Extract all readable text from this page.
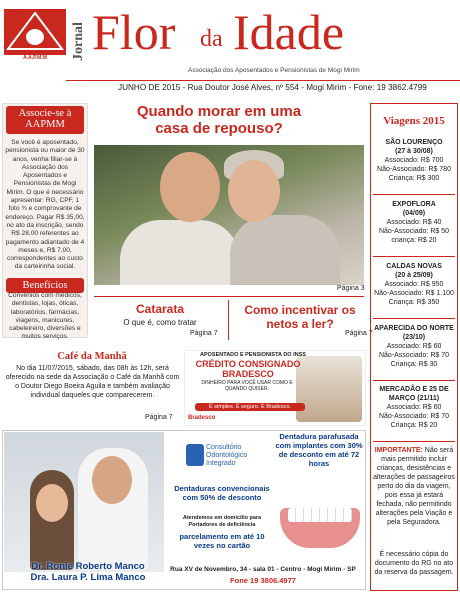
A.A.P.M.M	Jornal Flor da Idade
Associação dos Aposentados e Pensionistas de Mogi Mirim
JUNHO DE 2015 - Rua Doutor José Alves, nº 554 - Mogi Mirim - Fone: 19 3862.4799
Associe-se à AAPMM
Se você é aposentado, pensionista ou maior de 30 anos, venha filiar-se à Associação dos Aposentados e Pensionistas de Mogi Mirim. O que é necessário apresentar: RG, CPF, 1 foto ¾ e comprovante de endereço. Pagar R$ 35,00, no ato da inscrição, sendo R$ 28,00 referentes ao pagamento adiantado de 4 meses e, R$ 7,00, correspondentes ao custo da carteirinha social.
Benefícios
Convênios com médicos, dentistas, lojas, óticas, laboratórios, farmácias, viagens, manicures, cabeleireiro, diversões e muitos serviços.
Quando morar em uma casa de repouso?
Página 3
Catarata
O que é, como tratar
Página 7
Como incentivar os netos a ler?
Página 7
Café da Manhã
No dia 11/07/2015, sábado, das 08h às 12h, será oferecido na sede da Associação o Café da Manhã com o Doutor Diego Boeira Aguila e também avaliação individual daqueles que comparecerem.
Página 7
APOSENTADO E PENSIONISTA DO INSS
CRÉDITO CONSIGNADO BRADESCO
DINHEIRO PARA VOCÊ USAR COMO E QUANDO QUISER.
É simples. É seguro. É Bradesco.
Bradesco
Dr. Ronie Roberto Manco
Dra. Laura P. Lima Manco
Consultório Odontológico Integrado
Dentaduras convencionais com 50% de desconto
Atendemos em domicílio para Portadores de deficiência
parcelamento em até 10 vezes no cartão
Dentadura parafusada com implantes com 30% de desconto em até 72 horas
Rua XV de Novembro, 34 - sala 01 - Centro - Mogi Mirim - SP
Fone 19 3806.4977
Viagens 2015
SÃO LOURENÇO
(27 à 30/08)
Associado: R$ 700
Não-Associado: R$ 780
Criança: R$ 300
EXPOFLORA
(04/09)
Associado: R$ 40
Não-Associado: R$ 50
criança: R$ 20
CALDAS NOVAS
(20 à 25/09)
Associado: R$ 950
Não-Associado: R$ 1.100
Criança: R$ 350
APARECIDA DO NORTE
(23/10)
Associado: R$ 60
Não-Associado: R$ 70
Criança: R$ 30
MERCADÃO E 25 DE MARÇO (21/11)
Associado: R$ 60
Não-Associado: R$ 70
Criança: R$ 20
IMPORTANTE: Não será mais permitido incluir crianças, desistências e alterações de passageiros perto do dia da viagem, pois essa já estará fechada, não permitindo alterações pela Viação e pela Seguradora.
É necessário cópia do documento do RG no ato da reserva da passagem.
